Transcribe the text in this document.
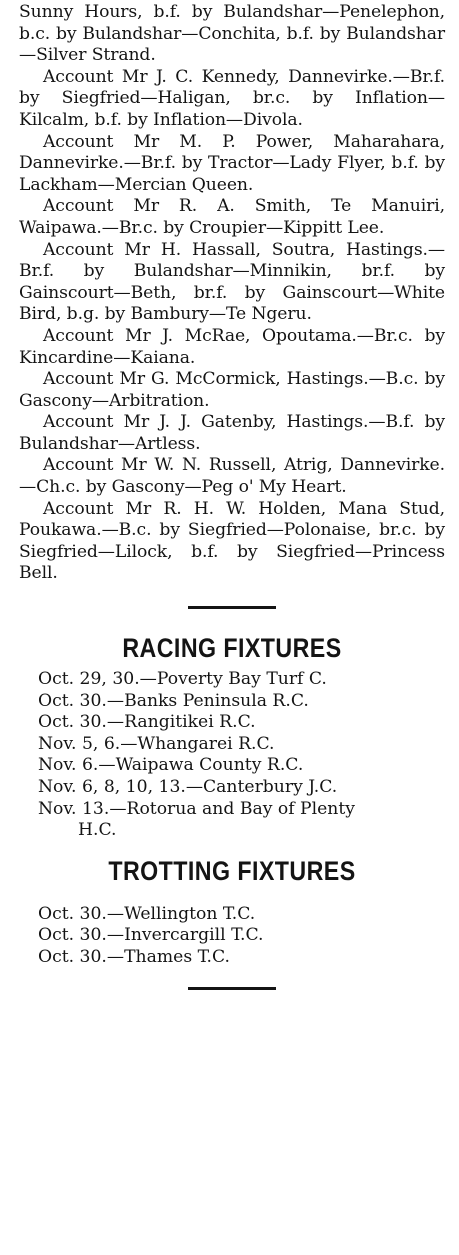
Sunny Hours, b.f. by Bulandshar—Penelephon, b.c. by Bulandshar—Conchita, b.f. by Bulandshar—Silver Strand.

Account Mr J. C. Kennedy, Dannevirke.—Br.f. by Siegfried—Haligan, br.c. by Inflation—Kilcalm, b.f. by Inflation—Divola.

Account Mr M. P. Power, Maharahara, Dannevirke.—Br.f. by Tractor—Lady Flyer, b.f. by Lackham—Mercian Queen.

Account Mr R. A. Smith, Te Manuiri, Waipawa.—Br.c. by Croupier—Kippitt Lee.

Account Mr H. Hassall, Soutra, Hastings.—Br.f. by Bulandshar—Minnikin, br.f. by Gainscourt—Beth, br.f. by Gainscourt—White Bird, b.g. by Bambury—Te Ngeru.

Account Mr J. McRae, Opoutama.—Br.c. by Kincardine—Kaiana.

Account Mr G. McCormick, Hastings.—B.c. by Gascony—Arbitration.

Account Mr J. J. Gatenby, Hastings.—B.f. by Bulandshar—Artless.

Account Mr W. N. Russell, Atrig, Dannevirke.—Ch.c. by Gascony—Peg o' My Heart.

Account Mr R. H. W. Holden, Mana Stud, Poukawa.—B.c. by Siegfried—Polonaise, br.c. by Siegfried—Lilock, b.f. by Siegfried—Princess Bell.

RACING FIXTURES
Oct. 29, 30.—Poverty Bay Turf C.
Oct. 30.—Banks Peninsula R.C.
Oct. 30.—Rangitikei R.C.
Nov. 5, 6.—Whangarei R.C.
Nov. 6.—Waipawa County R.C.
Nov. 6, 8, 10, 13.—Canterbury J.C.
Nov. 13.—Rotorua and Bay of Plenty
H.C.
TROTTING FIXTURES
Oct. 30.—Wellington T.C.
Oct. 30.—Invercargill T.C.
Oct. 30.—Thames T.C.
